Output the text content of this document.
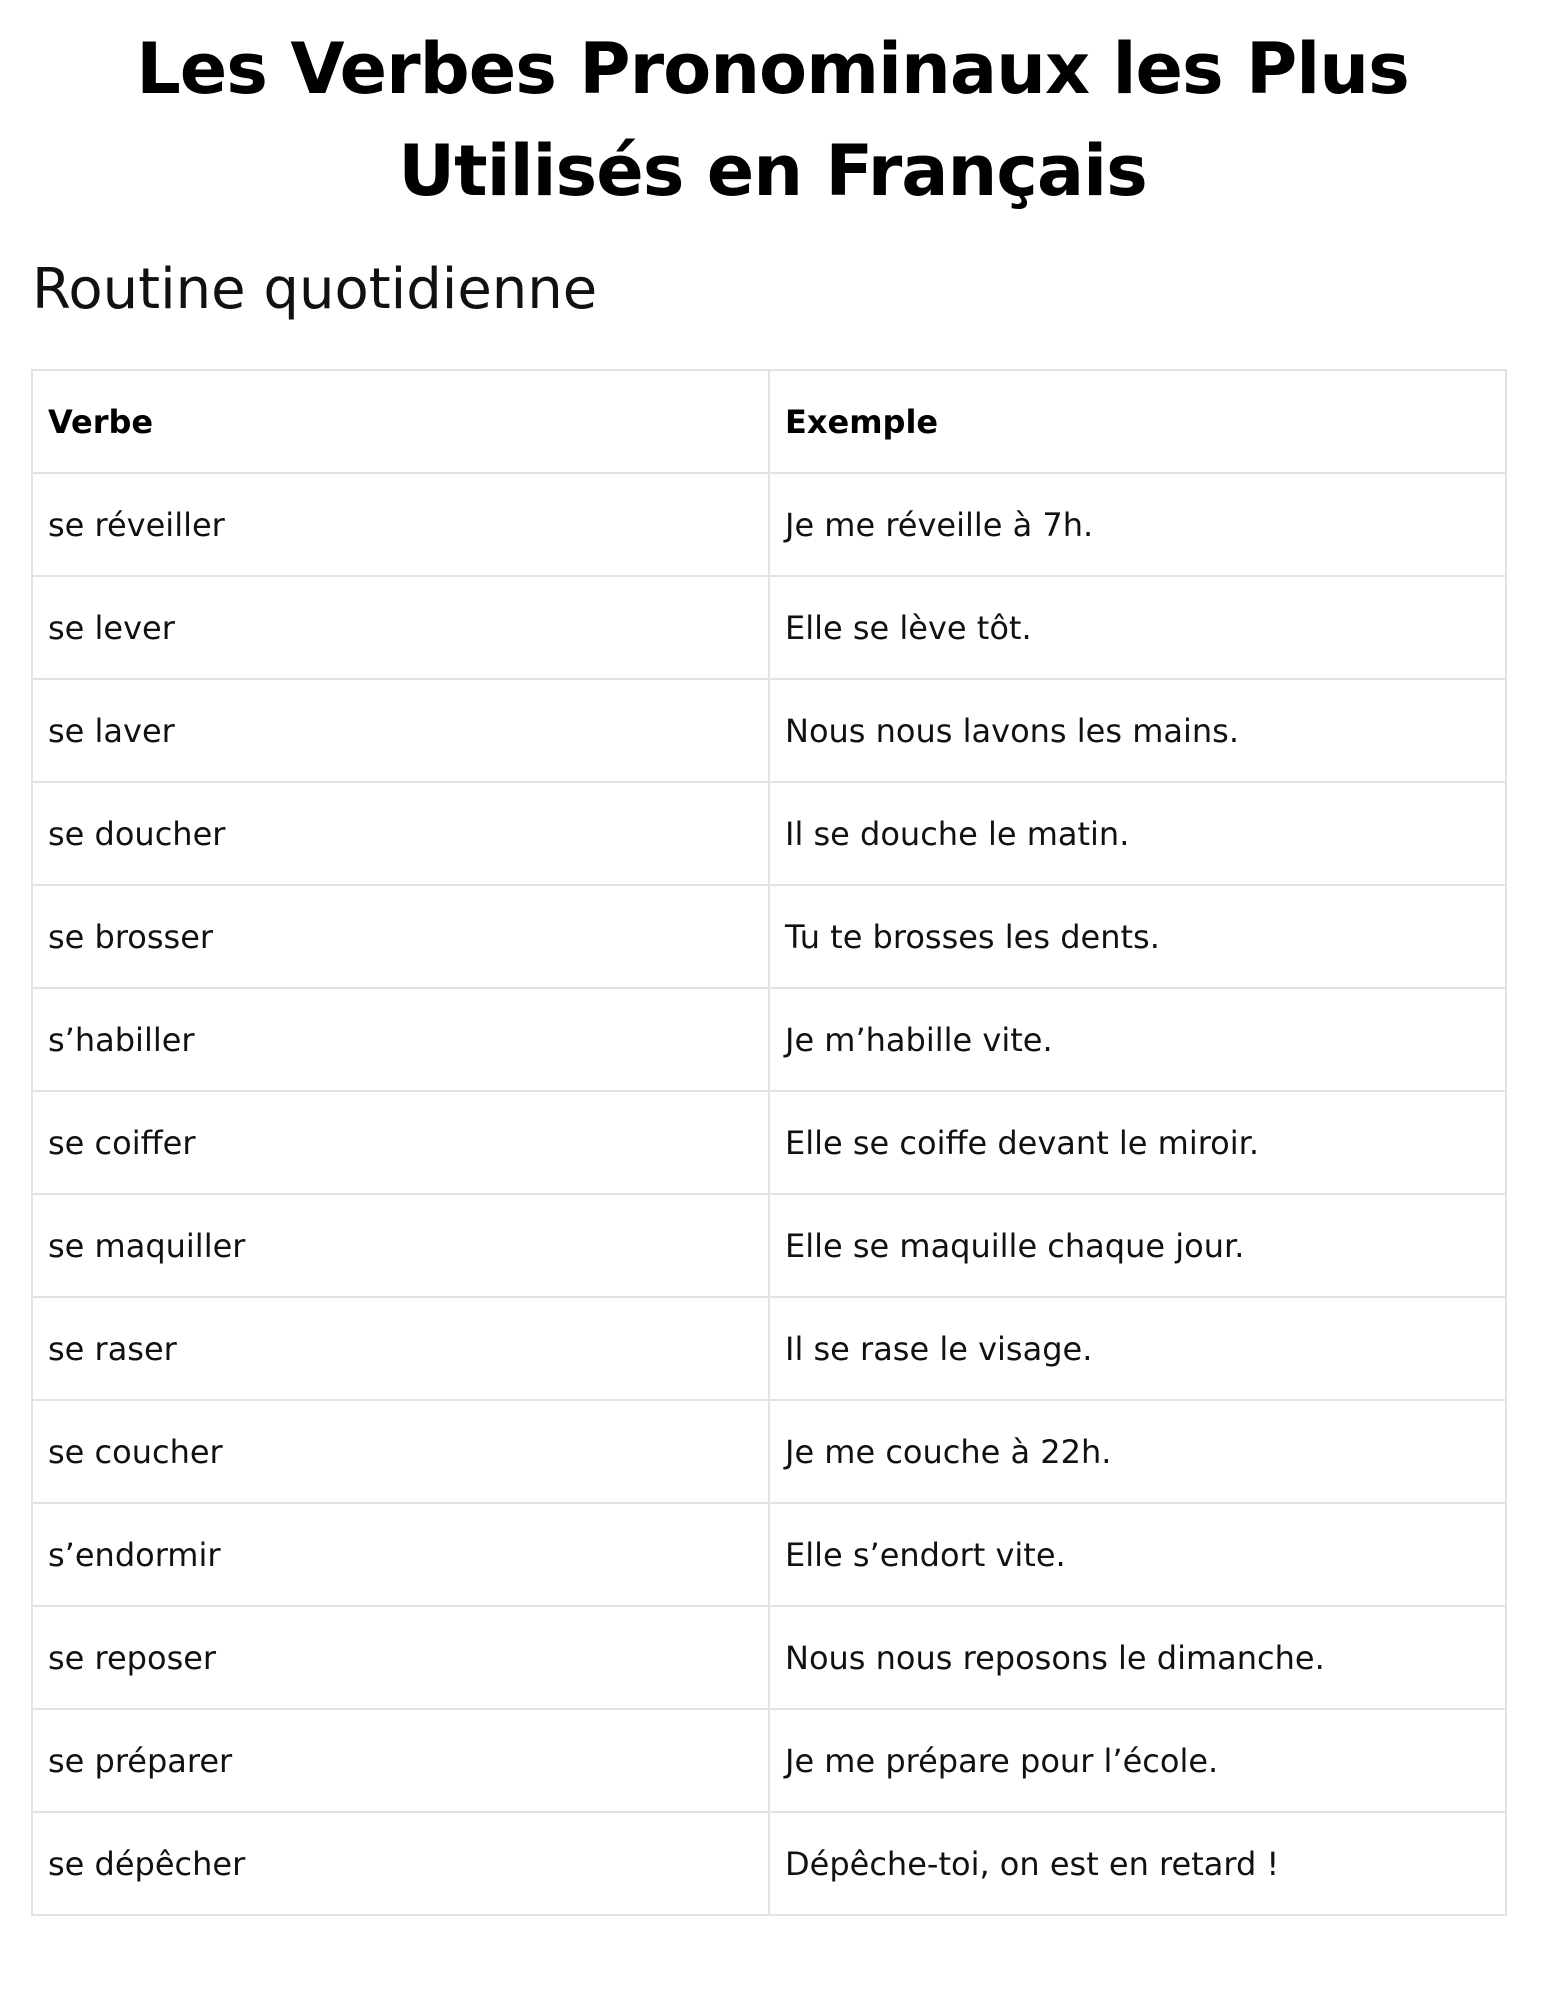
Les Verbes Pronominaux les Plus Utilisés en Français
Routine quotidienne
Verbe	Exemple
se réveiller	Je me réveille à 7h.
se lever	Elle se lève tôt.
se laver	Nous nous lavons les mains.
se doucher	Il se douche le matin.
se brosser	Tu te brosses les dents.
s’habiller	Je m’habille vite.
se coiffer	Elle se coiffe devant le miroir.
se maquiller	Elle se maquille chaque jour.
se raser	Il se rase le visage.
se coucher	Je me couche à 22h.
s’endormir	Elle s’endort vite.
se reposer	Nous nous reposons le dimanche.
se préparer	Je me prépare pour l’école.
se dépêcher	Dépêche-toi, on est en retard !
